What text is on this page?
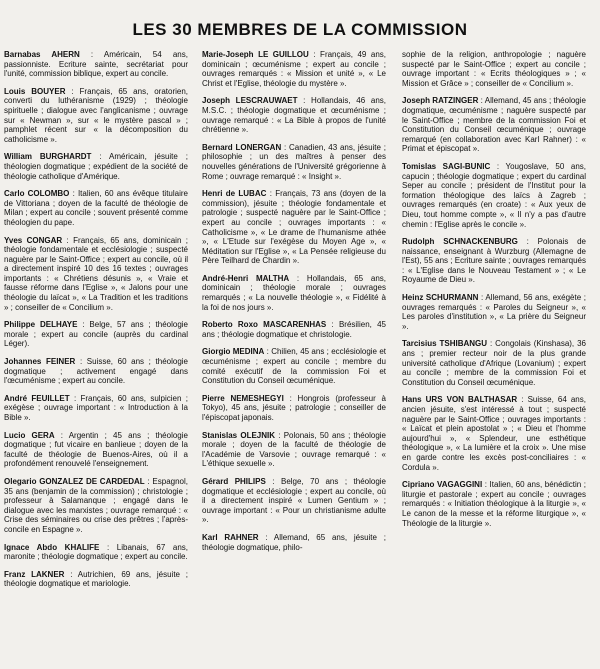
LES 30 MEMBRES DE LA COMMISSION
Barnabas AHERN : Américain, 54 ans, passionniste. Ecriture sainte, secrétariat pour l'unité, commission biblique, expert au concile.
Louis BOUYER : Français, 65 ans, oratorien, converti du luthéranisme (1929) ; théologie spirituelle ; dialogue avec l'anglicanisme ; ouvrage sur « Newman », sur « le mystère pascal » ; pamphlet récent sur « la décomposition du catholicisme ».
William BURGHARDT : Américain, jésuite ; théologien dogmatique ; expédient de la société de théologie catholique d'Amérique.
Carlo COLOMBO : Italien, 60 ans évêque titulaire de Vittoriana ; doyen de la faculté de théologie de Milan ; expert au concile ; souvent présenté comme théologien du pape.
Yves CONGAR : Français, 65 ans, dominicain ; théologie fondamentale et ecclésiologie ; suspecté naguère par le Saint-Office ; expert au concile, où il a directement inspiré 10 des 16 textes ; ouvrages importants : « Chrétiens désunis », « Vraie et fausse réforme dans l'Eglise », « Jalons pour une théologie du laïcat », « La Tradition et les traditions » ; conseiller de « Concilium ».
Philippe DELHAYE : Belge, 57 ans ; théologie morale ; expert au concile (auprès du cardinal Léger).
Johannes FEINER : Suisse, 60 ans ; théologie dogmatique ; activement engagé dans l'œcuménisme ; expert au concile.
André FEUILLET : Français, 60 ans, sulpicien ; exégèse ; ouvrage important : « Introduction à la Bible ».
Lucio GERA : Argentin ; 45 ans ; théologie dogmatique ; fut vicaire en banlieue ; doyen de la faculté de théologie de Buenos-Aires, où il a profondément renouvelé l'enseignement.
Olegario GONZALEZ DE CARDEDAL : Espagnol, 35 ans (benjamin de la commission) ; christologie ; professeur à Salamanque ; engagé dans le dialogue avec les marxistes ; ouvrage remarqué : « Crise des séminaires ou crise des prêtres ; l'après-concile en Espagne ».
Ignace Abdo KHALIFE : Libanais, 67 ans, maronite ; théologie dogmatique ; expert au concile.
Franz LAKNER : Autrichien, 69 ans, jésuite ; théologie dogmatique et mariologie.
Marie-Joseph LE GUILLOU : Français, 49 ans, dominicain ; œcuménisme ; expert au concile ; ouvrages remarqués : « Mission et unité », « Le Christ et l'Eglise, théologie du mystère ».
Joseph LESCRAUWAET : Hollandais, 46 ans, M.S.C. ; théologie dogmatique et œcuménisme ; ouvrage remarqué : « La Bible à propos de l'unité chrétienne ».
Bernard LONERGAN : Canadien, 43 ans, jésuite ; philosophie ; un des maîtres à penser des nouvelles générations de l'Université grégorienne à Rome ; ouvrage remarqué : « Insight ».
Henri de LUBAC : Français, 73 ans (doyen de la commission), jésuite ; théologie fondamentale et patrologie ; suspecté naguère par le Saint-Office ; expert au concile ; ouvrages importants : « Catholicisme », « Le drame de l'humanisme athée », « L'Etude sur l'exégèse du Moyen Age », « Méditation sur l'Eglise », « La Pensée religieuse du Père Teilhard de Chardin ».
André-Henri MALTHA : Hollandais, 65 ans, dominicain ; théologie morale ; ouvrages remarqués ; « La nouvelle théologie », « Fidélité à la foi de nos jours ».
Roberto Roxo MASCARENHAS : Brésilien, 45 ans ; théologie dogmatique et christologie.
Giorgio MEDINA : Chilien, 45 ans ; ecclésiologie et œcuménisme ; expert au concile ; membre du comité exécutif de la commission Foi et Constitution du Conseil œcuménique.
Pierre NEMESHEGYI : Hongrois (professeur à Tokyo), 45 ans, jésuite ; patrologie ; conseiller de l'épiscopat japonais.
Stanislas OLEJNIK : Polonais, 50 ans ; théologie morale ; doyen de la faculté de théologie de l'Académie de Varsovie ; ouvrage remarqué : « L'éthique sexuelle ».
Gérard PHILIPS : Belge, 70 ans ; théologie dogmatique et ecclésiologie ; expert au concile, où il a directement inspiré « Lumen Gentium » ; ouvrage important : « Pour un christianisme adulte ».
Karl RAHNER : Allemand, 65 ans, jésuite ; théologie dogmatique, philo-
sophie de la religion, anthropologie ; naguère suspecté par le Saint-Office ; expert au concile ; ouvrage important : « Ecrits théologiques » ; « Mission et Grâce » ; conseiller de « Concilium ».
Joseph RATZINGER : Allemand, 45 ans ; théologie dogmatique, œcuménisme ; naguère suspecté par le Saint-Office ; membre de la commission Foi et Constitution du Conseil œcuménique ; ouvrage remarqué (en collaboration avec Karl Rahner) : « Primat et épiscopat ».
Tomislas SAGI-BUNIC : Yougoslave, 50 ans, capucin ; théologie dogmatique ; expert du cardinal Seper au concile ; président de l'Institut pour la formation théologique des laïcs à Zagreb ; ouvrages remarqués (en croate) : « Aux yeux de Dieu, tout homme compte », « Il n'y a pas d'autre chemin : l'Eglise après le concile ».
Rudolph SCHNACKENBURG : Polonais de naissance, enseignant à Wurzburg (Allemagne de l'Est), 55 ans ; Ecriture sainte ; ouvrages remarqués : « L'Eglise dans le Nouveau Testament » ; « Le Royaume de Dieu ».
Heinz SCHURMANN : Allemand, 56 ans, exégète ; ouvrages remarqués : « Paroles du Seigneur », « Les paroles d'institution », « La prière du Seigneur ».
Tarcisius TSHIBANGU : Congolais (Kinshasa), 36 ans ; premier recteur noir de la plus grande université catholique d'Afrique (Lovanium) ; expert au concile ; membre de la commission Foi et Constitution du Conseil œcuménique.
Hans URS VON BALTHASAR : Suisse, 64 ans, ancien jésuite, s'est intéressé à tout ; suspecté naguère par le Saint-Office ; ouvrages importants : « Laïcat et plein apostolat » ; « Dieu et l'homme aujourd'hui », « Splendeur, une esthétique théologique », « La lumière et la croix ». Une mise en garde contre les excès post-conciliaires : « Cordula ».
Cipriano VAGAGGINI : Italien, 60 ans, bénédictin ; liturgie et pastorale ; expert au concile ; ouvrages remarqués : « Initiation théologique à la liturgie », « Le canon de la messe et la réforme liturgique », « Théologie de la liturgie ».
